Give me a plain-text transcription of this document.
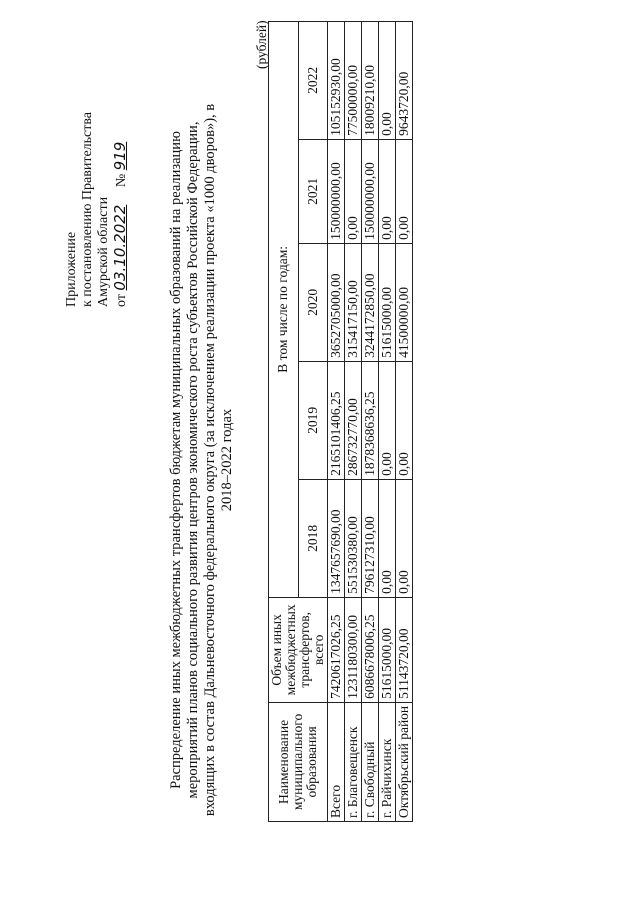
Приложение к постановлению Правительства Амурской области от 03.10.2022 № 919	Распределение иных межбюджетных трансфертов бюджетам муниципальных образований на реализацию мероприятий планов социального развития центров экономического роста субъектов Российской Федерации, входящих в состав Дальневосточного федерального округа (за исключением реализации проекта «1000 дворов»), в 2018–2022 годах
(рублей)
Наименование муниципального образования	Объем иных межбюджетных трансфертов, всего	В том числе по годам:				
		2018	2019	2020	2021	2022
Всего	7420617026,25	1347657690,00	2165101406,25	3652705000,00	150000000,00	105152930,00
г. Благовещенск	1231180300,00	551530380,00	286732770,00	315417150,00	0,00	77500000,00
г. Свободный	6086678006,25	796127310,00	1878368636,25	3244172850,00	150000000,00	18009210,00
г. Райчихинск	51615000,00	0,00	0,00	51615000,00	0,00	0,00
Октябрьский район	51143720,00	0,00	0,00	41500000,00	0,00	9643720,00
